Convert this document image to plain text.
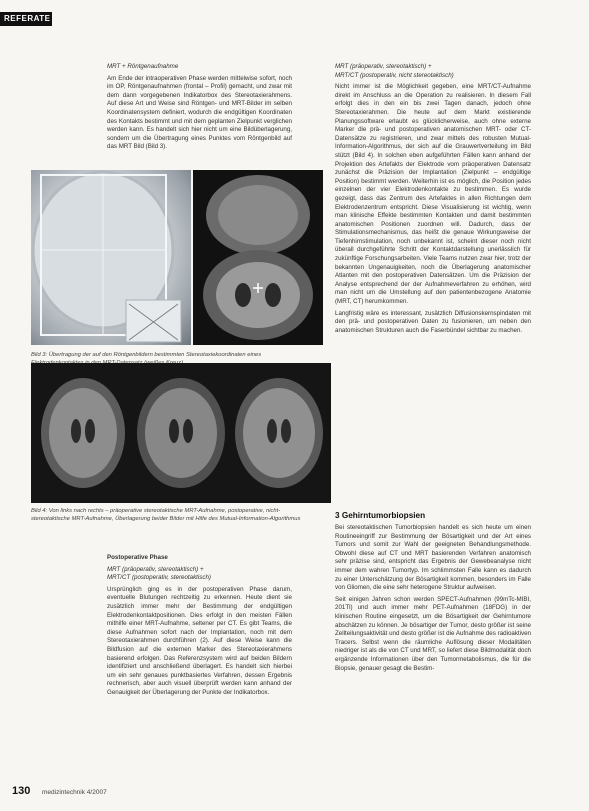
REFERATE
Bild 3: Übertragung der auf den Röntgenbildern bestimmten Stereotaxiekoordinaten eines
Bild 4: Von links nach rechts – präoperative stereotaktische MRT-Aufnahme, postoperative, nicht-stereotaktische MRT-Aufnahme, Überlagerung beider Bilder mit Hilfe des Mutual-Information-Algorithmus

MRT + Röntgenaufnahme

Am Ende der intraoperativen Phase werden mittelwise sofort, noch im OP, Röntgenaufnahmen (frontal – Profil) gemacht, und zwar mit dem dann vorgegebenen Indikatorbox des Stereotaxierahmens. Auf diese Art und Weise sind Röntgen- und MRT-Bilder im selben Koordinatensystem definiert, wodurch die endgültigen Koordinaten des Kontakts bestimmt und mit dem geplanten Zielpunkt verglichen werden kann. Es handelt sich hier nicht um eine Bildüberlagerung, sondern um die Übertragung eines Punktes vom Röntgenbild auf das MRT Bild (Bild 3).

Postoperative Phase

MRT (präoperativ, stereotaktisch) +

MRT/CT (postoperativ, stereotaktisch)

Ursprünglich ging es in der postoperativen Phase darum, eventuelle Blutungen rechtzeitig zu erkennen. Heute dient sie zusätzlich immer mehr der Bestimmung der endgültigen Elektrodenkontaktpositionen. Dies erfolgt in den meisten Fällen mithilfe einer MRT-Aufnahme, seltener per CT. Es gibt Teams, die diese Aufnahmen sofort nach der Implantation, noch mit dem Stereotaxierahmen durchführen (2). Auf diese Weise kann die Bildfusion auf die externen Marker des Stereotaxierahmens basierend erfolgen. Das Referenzsystem wird auf beiden Bildern identifiziert und anschließend überlagert. Es handelt sich hierbei um ein sehr genaues punktbasiertes Verfahren, dessen Ergebnis rechnerisch, aber auch visuell überprüft werden kann anhand der Genauigkeit der Überlagerung der Punkte der Indikatorbox.

MRT (präoperativ, stereotaktisch) +

MRT/CT (postoperativ, nicht stereotaktisch)

Nicht immer ist die Möglichkeit gegeben, eine MRT/CT-Aufnahme direkt im Anschluss an die Operation zu realisieren. In diesem Fall erfolgt dies in den ein bis zwei Tagen danach, jedoch ohne Stereotaxierahmen. Die heute auf dem Markt existierende Planungssoftware erlaubt es glücklicherweise, auch ohne externe Marker die prä- und postoperativen anatomischen MRT- oder CT-Datensätze zu registrieren, und zwar mittels des robusten Mutual-Information-Algorithmus, der sich auf die Grauwertverteilung im Bild stützt (Bild 4). In solchen eben aufgeführten Fällen kann anhand der Projektion des Artefakts der Elektrode vom präoperativen Datensatz zunächst die Präzision der Implantation (Zielpunkt – endgültige Position) bestimmt werden. Weiterhin ist es möglich, die Position jedes einzelnen der vier Elektrodenkontakte zu bestimmen. Es wurde gezeigt, dass das Zentrum des Artefaktes in allen Richtungen dem Elektrodenzentrum entspricht. Diese Visualisierung ist wichtig, wenn man klinische Effekte bestimmten Kontakten und damit bestimmten anatomischen Positionen zuordnen will. Dadurch, dass der Stimulationsmechanismus, das heißt die genaue Wirkungsweise der Tiefenhirnstimulation, noch unbekannt ist, scheint dieser noch nicht überall durchgeführte Schritt der Kontaktdarstellung unerlässlich für zukünftige Forschungsarbeiten. Viele Teams nutzen zwar hier, trotz der bekannten Ungenauigkeiten, noch die Überlagerung anatomischer Atlanten mit den postoperativen Datensätzen. Um die Präzision der Analyse entsprechend der der Aufnahmeverfahren zu erhöhen, wird man nicht um die Umstellung auf den patientenbezogene Anatomie (MRT, CT) herumkommen.

Langfristig wäre es interessant, zusätzlich Diffusionskernspindaten mit den prä- und postoperativen Daten zu fusionieren, um neben den anatomischen Strukturen auch die Faserbündel sichtbar zu machen.

3 Gehirntumorbiopsien

Bei stereotaktischen Tumorbiopsien handelt es sich heute um einen Routineeingriff zur Bestimmung der Bösartigkeit und der Art eines Tumors und somit zur Wahl der geeigneten Behandlungsmethode. Obwohl diese auf CT und MRT basierenden Verfahren anatomisch sehr präzise sind, entspricht das Ergebnis der Gewebeanalyse nicht immer dem wahren Tumortyp. Im schlimmsten Falle kann es dadurch zu einer Unterschätzung der Bösartigkeit kommen, besonders im Falle von Gliomen, die eine sehr heterogene Struktur aufweisen.

Seit einigen Jahren schon werden SPECT-Aufnahmen (99mTc-MIBI, 201Tl) und auch immer mehr PET-Aufnahmen (18FDG) in der klinischen Routine eingesetzt, um die Bösartigkeit der Gehirntumore abschätzen zu können. Je bösartiger der Tumor, desto größer ist seine Zellteilungsaktivität und desto größer ist die Aufnahme des radioaktiven Tracers. Selbst wenn die räumliche Auflösung dieser Modalitäten niedriger ist als die von CT und MRT, so liefert diese Bildmodalität doch ergänzende Informationen über den Tumormetabolismus, die für die Biopsie, genauer gesagt die Bestim-

130 medizintechnik 4/2007
